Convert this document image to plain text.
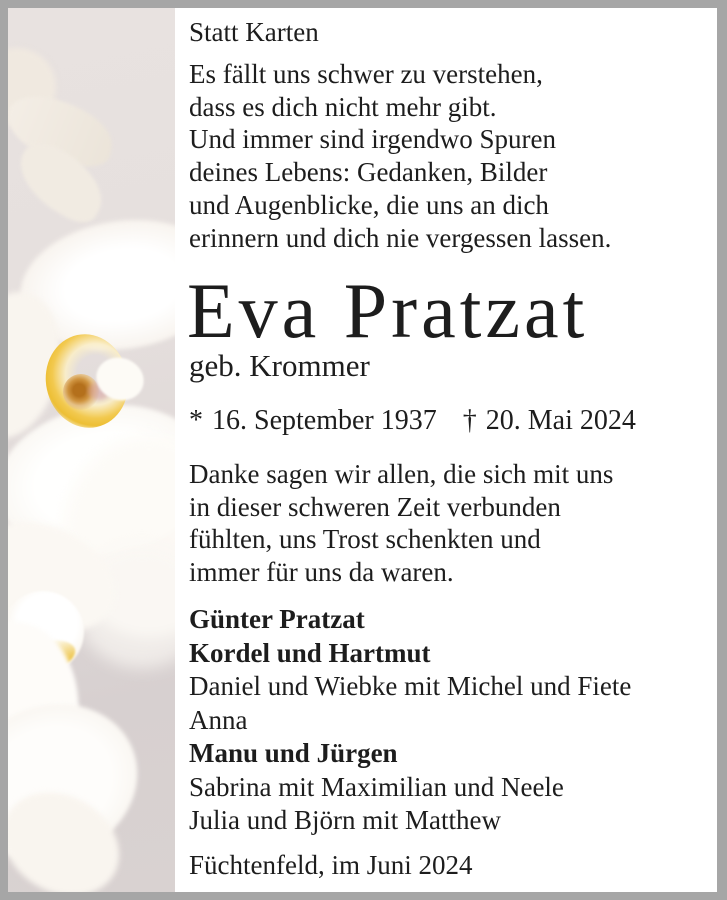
Statt Karten
Es fällt uns schwer zu verstehen,
dass es dich nicht mehr gibt.
Und immer sind irgendwo Spuren
deines Lebens: Gedanken, Bilder
und Augenblicke, die uns an dich
erinnern und dich nie vergessen lassen.
Eva Pratzat
geb. Krommer
* 16. September 1937 † 20. Mai 2024
Danke sagen wir allen, die sich mit uns
in dieser schweren Zeit verbunden
fühlten, uns Trost schenkten und
immer für uns da waren.
Günter Pratzat
Kordel und Hartmut
Daniel und Wiebke mit Michel und Fiete
Anna
Manu und Jürgen
Sabrina mit Maximilian und Neele
Julia und Björn mit Matthew
Füchtenfeld, im Juni 2024
